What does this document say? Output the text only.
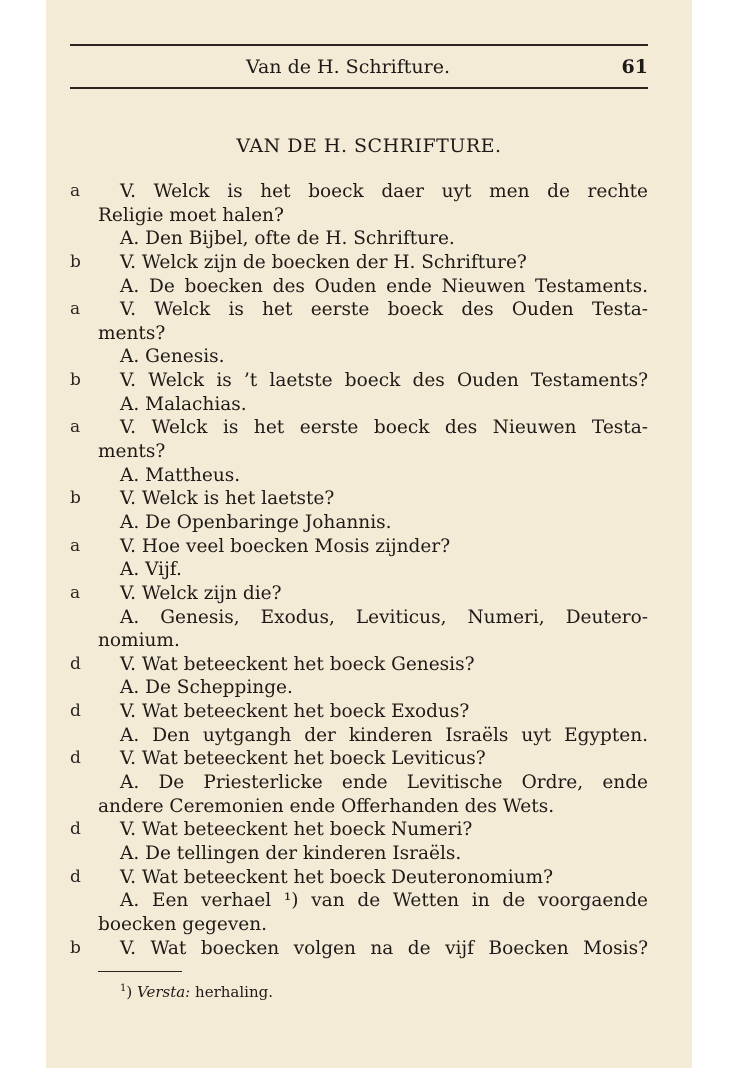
Van de H. Schrifture.	61
VAN DE H. SCHRIFTURE.
a V. Welck is het boeck daer uyt men de rechte
Religie moet halen?
A. Den Bijbel, ofte de H. Schrifture.
b V. Welck zijn de boecken der H. Schrifture?
A. De boecken des Ouden ende Nieuwen Testaments.
a V. Welck is het eerste boeck des Ouden Testa-
ments?
A. Genesis.
b V. Welck is ’t laetste boeck des Ouden Testaments?
A. Malachias.
a V. Welck is het eerste boeck des Nieuwen Testa-
ments?
A. Mattheus.
b V. Welck is het laetste?
A. De Openbaringe Johannis.
a V. Hoe veel boecken Mosis zijnder?
A. Vijf.
a V. Welck zijn die?
A. Genesis, Exodus, Leviticus, Numeri, Deutero-
nomium.
d V. Wat beteeckent het boeck Genesis?
A. De Scheppinge.
d V. Wat beteeckent het boeck Exodus?
A. Den uytgangh der kinderen Israëls uyt Egypten.
d V. Wat beteeckent het boeck Leviticus?
A. De Priesterlicke ende Levitische Ordre, ende
andere Ceremonien ende Offerhanden des Wets.
d V. Wat beteeckent het boeck Numeri?
A. De tellingen der kinderen Israëls.
d V. Wat beteeckent het boeck Deuteronomium?
A. Een verhael ¹) van de Wetten in de voorgaende
boecken gegeven.
b V. Wat boecken volgen na de vijf Boecken Mosis?
$^1$) Versta: herhaling.
